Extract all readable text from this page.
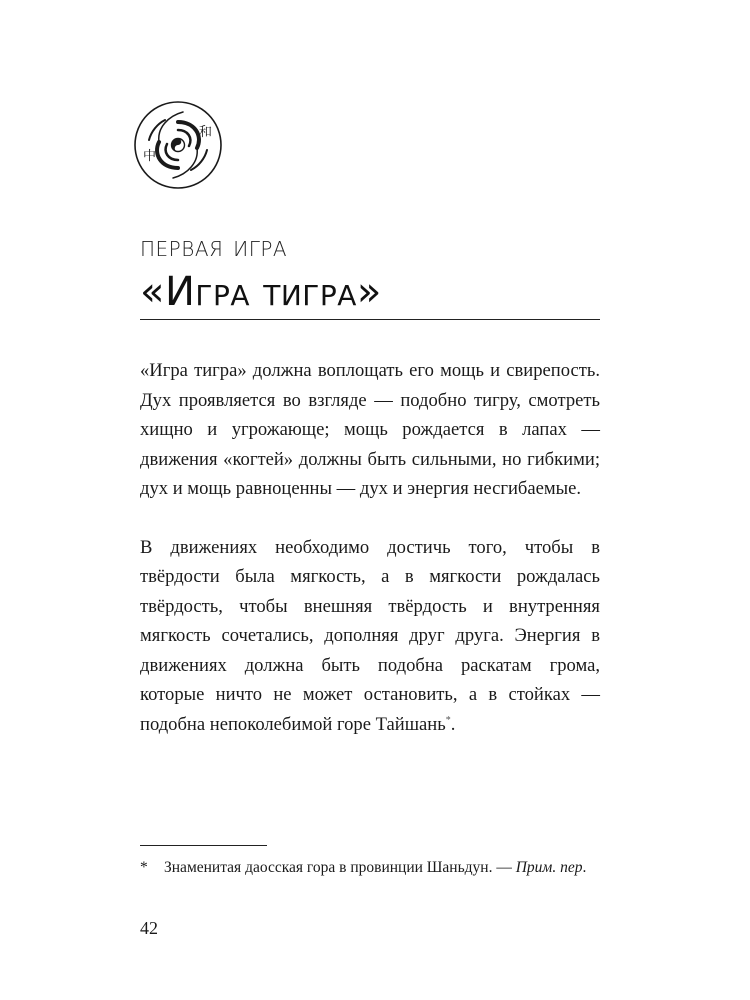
和
中
первая игра
«Игра тигра»

«Игра тигра» должна воплощать его мощь и свирепость. Дух проявляется во взгляде — подобно тигру, смотреть хищно и угрожающе; мощь рождается в лапах — движения «когтей» должны быть сильными, но гибкими; дух и мощь равноценны — дух и энергия несгибаемые.

В движениях необходимо достичь того, чтобы в твёрдости была мягкость, а в мягкости рождалась твёрдость, чтобы внешняя твёрдость и внутренняя мягкость сочетались, дополняя друг друга. Энергия в движениях должна быть подобна раскатам грома, которые ничто не может остановить, а в стойках — подобна непоколебимой горе Тайшань*.

* Знаменитая даосская гора в провинции Шаньдун. — Прим. пер.
42
